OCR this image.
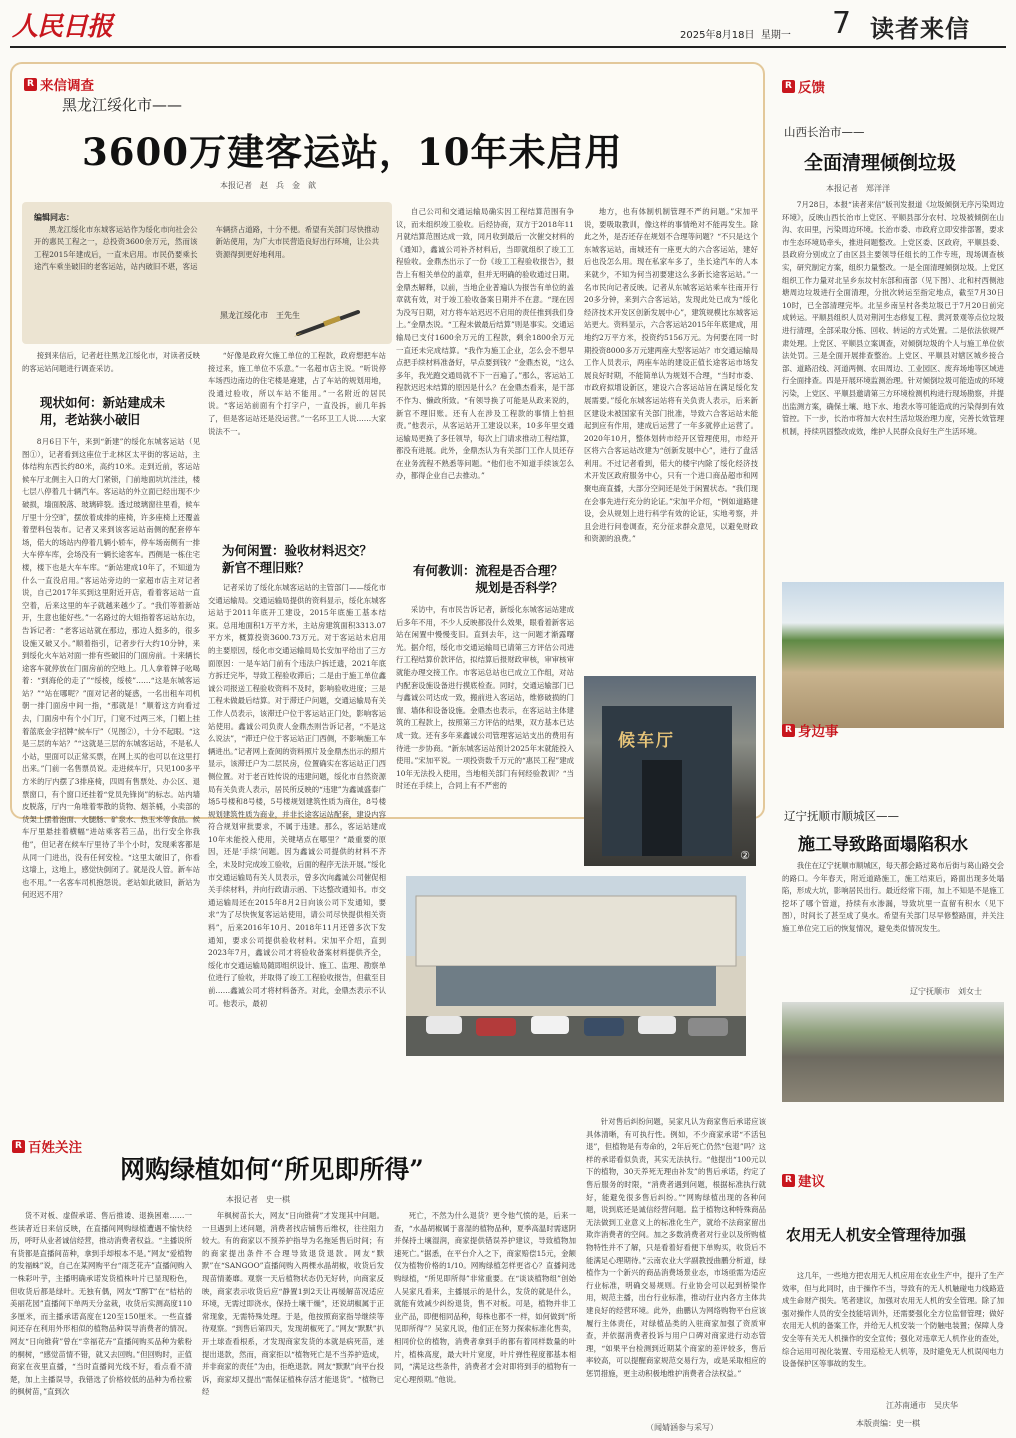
人民日报	2025年8月18日 星期一 7 读者来信
R 来信调查
黑龙江绥化市——
3600万建客运站，10年未启用
本报记者　赵　兵　金　歆
编辑同志：
黑龙江绥化市东城客运站作为绥化市向社会公开的惠民工程之一，总投资3600余万元，然而该工程2015年建成后，一直未启用。市民仍要乘长途汽车乘坐破旧的老客运站，站内破旧不堪，客运车辆挤占道路，十分不便。希望有关部门尽快推动新站使用，为广大市民营造良好出行环境，让公共资源得到更好地利用。
黑龙江绥化市　王先生
接到来信后，记者赶往黑龙江绥化市，对读者反映的客运站问题进行调查采访。
现状如何：新站建成未用，老站狭小破旧
8月6日下午，来到“新建”的绥化东城客运站（见图①），记者看到这座位于北林区太平街的客运站，主体结构东西长约80米，高约10米。走到近前，客运站候车厅北侧主入口的大门紧锁，门前地面坑坑洼洼，楼七层八停着几十辆汽车。客运站的外立面已经出现不少破损，墙面脱落、玻璃碎裂。透过玻璃窗往里看，候车厅里十分空旷，摆放着成排的座椅，许多座椅上还覆盖着塑料包装布。记者又来到该客运站南侧的配套停车场，偌大的场站内停着几辆小轿车，停车场南侧有一排大车停车库，会场没有一辆长途客车。西侧是一栋住宅楼，楼下也是大车车库。“新站建成10年了，不知道为什么一直没启用。”客运站旁边的一家超市店主对记者说，自己2017年买到这里附近开店，看着客运站一直空着，后来这里的车子就越来越少了。“我们等着新站开，生意也能好些。”一名路过的大姐指着客运站东边，告诉记者：“老客运站就在那边，那边人挺多的，很多设施又破又小。”顺着指引，记者步行大约10分钟，来到绥化火车站对面一排有些破旧的门面房前。十来辆长途客车就停放在门面房前的空地上。几人拿着牌子吆喝着：“到海伦的走了”“绥棱，绥棱”……“这是东城客运站？”“站在哪呢？”面对记者的疑惑，一名出租车司机朝一排门面房中间一指，“那就是！”顺着这方向看过去，门面房中有个小门厅，门宽不过两三米，门楣上挂着蓝底金字招牌“候车厅”（见图②），十分不起眼。“这是三层的车站？”“这就是三层的东城客运站，不是私人小站，里面可以正常买票，在网上买的也可以在这里打出来。”门前一名售票员说。走进候车厅，只见100多平方米的厅内摆了3排座椅，四周有售票处、办公区、退票窗口，有个窗口还挂着“党员先锋岗”的标志。站内墙皮脱落，厅内一角堆着零散的货物、烟茶桶，小卖部的货架上摆着泡面、火腿肠、矿泉水、热玉米等食品。候车厅里悬挂着横幅“进站乘客若三品，出行安全你我他”，但记者在候车厅里待了半个小时，发现乘客都是从同一门进出，没有任何安检。“这里太破旧了，你看这墙上，这地上，感觉快倒闭了。就是没人管。新车站也不用。”一名客车司机抱怨说。老站如此破旧，新站为何迟迟不用？
“好像是政府欠施工单位的工程款，政府想把车站接过来，施工单位不乐意。”一名超市店主说。“听说停车场西边南边的住宅楼是違建，占了车站的规划用地，没通过验收，所以车站不能用。”一名附近的居民说。“客运站前面有个打字户，一直没拆，前几年拆了，但是客运站还是没运营。”一名环卫工人说……大家说法不一。
为何闲置：验收材料迟交？新官不理旧账？
记者采访了绥化东城客运站的主管部门——绥化市交通运输局。交通运输局提供的资料显示，绥化东城客运站于2011年底开工建设，2015年底施工基本结束。总用地面积1万平方米，主站房建筑面积3313.07平方米，概算投资3600.73万元。对于客运站未启用的主要原因，绥化市交通运输局局长安加平给出了三方面原因：一是车站门前有个违法户拆迁遗，2021年底方拆迁完毕，导致工程验收滞后；二是由于施工单位鑫诚公司报送工程验收资料不及时，影响验收进度；三是工程未做最后结算。对于滞迁户问题，交通运输局有关工作人员表示，该滞迁户位于客运站正门处，影响客运站使用。鑫诚公司负责人金鼎杰则告诉记者，“不是这么说法”，“滞迁户位于客运站正门西侧，不影响施工车辆进出。”记者网上查阅的资料照片及金鼎杰出示的照片显示，该滞迁户为二层民房，位置确实在客运站正门西侧位置。对于老百姓传说的违建问题，绥化市自然资源局有关负责人表示，居民所反映的“违建”为鑫诚盛泰广场5号楼和8号楼，5号楼规划建筑性质为商住，8号楼规划建筑性质为商业，并非长途客运站配套，建设内容符合规划审批要求，不属于违建。那么，客运站建成10年未能投入使用，关键堵点在哪里？“最重要的原因，还是‘手续’问题。因为鑫诚公司提供的材料不齐全，未及时完成竣工验收，后面的程序无法开展。”绥化市交通运输局有关人员表示，曾多次向鑫诚公司催促相关手续材料，并向行政请示函、下达整改通知书。市交通运输局还在2015年8月2日向该公司下发通知，要求“为了尽快恢复客运站使用，请公司尽快提供相关资料”，后来2016年10月、2018年11月还曾多次下发通知，要求公司提供验收材料。宋加平介绍，直到2023年7月，鑫诚公司才将验收备案材料提供齐全，绥化市交通运输局随即组织设计、施工、监理、勘察单位进行了验收，并取得了竣工工程验收报告，但截至目前……鑫诚公司才将材料备齐。对此，金鼎杰表示不认可。他表示，最初
自己公司和交通运输局确实因工程结算范围有争议，而未组织竣工验收。后经协商，双方于2018年11月就结算范围达成一致，同月收到最后一次催交材料的《通知》，鑫诚公司补齐材料后，当即就组织了竣工工程验收。金鼎杰出示了一份《竣工工程验收报告》，报告上有相关单位的盖章，但并无明确的验收通过日期。金鼎杰解释，以前，当地企业普遍认为报告有单位的盖章就有效，对于竣工验收备案日期并不在意。“现在因为没写日期，对方将车站迟迟不启用的责任推到我们身上。”金鼎杰说。“工程未做最后结算”则是事实。交通运输局已支付1600余万元的工程款，剩余1800余万元一直还未完成结算。“我作为施工企业，怎么会不想早点把手续材料准备好，早点要到钱？”金鼎杰说，“这么多年，我光跑交通局就不下一百遍了。”那么，客运站工程款迟迟未结算的原因是什么？在金鼎杰看来，是干部不作为、懒政所致。“有领导换了可能是从政来说的，新官不理旧账。还有人在涉及工程款的事情上怕担责。”他表示，从客运站开工建设以来，10多年里交通运输局更换了多任领导，每次上门请求推动工程结算，都没有进展。此外，金鼎杰认为有关部门工作人员还存在业务流程不熟悉等问题。“他们也不知道手续该怎么办，都得企业自己去推动。”
有何教训：流程是否合理？规划是否科学？
采访中，有市民告诉记者，新绥化东城客运站建成后多年不用，不少人反映都没什么效果，眼看着新客运站在闲置中慢慢变旧。直到去年，这一问题才渐露曙光。据介绍，绥化市交通运输局已请第三方评估公司进行工程结算价款评估，拟结算后报财政审核，审审核审就能办理交接工作。市客运总站也已成立工作组，对站内配套设施设备进行摸底检查。同时，交通运输部门已与鑫诚公司达成一致，搬前进入客运站，维修破损的门窗、墙体和设备设施。金鼎杰也表示，在客运站主体建筑的工程款上，按照第三方评估的结果，双方基本已达成一致。还有多年来鑫诚公司管理客运站支出的费用有待进一步协商。“新东城客运站预计2025年末就能投入使用。”宋加平说。一项投资数千万元的“惠民工程”建成10年无法投入使用，当地相关部门有何经验教训？“当时还在手续上，合同上有不严密的
地方，也有体制机制管理不严的问题。”宋加平说，要吸取教训，像这样的事情绝对不能再发生。除此之外，是否还存在规划不合理等问题？“不只是这个东城客运站，南城还有一座更大的六合客运站，建好后也没怎么用。现在私家车多了，坐长途汽车的人本来就少，不知为何当初要建这么多新长途客运站。”一名市民向记者反映。记者从东城客运站乘车往南开行20多分钟，来到六合客运站，发现此处已成为“绥化经济技术开发区创新发展中心”，建筑规模比东城客运站更大。资料显示，六合客运站2015年年底建成，用地约2万平方米，投资约5156万元。为何要在同一时期投资8000多万元建两座大型客运站？市交通运输局工作人员表示，两座车站的建设正值长途客运市场发展良好时期，不能简单认为规划不合理，“当时市委、市政府拟增设新区，建设六合客运站旨在满足绥化发展需要。”绥化东城客运站将有关负责人表示，后来新区建设未被国家有关部门批准，导致六合客运站未能起到应有作用，建成后运营了一年多就停止运营了。2020年10月，整体划转市经开区管理使用，市经开区将六合客运站改建为“创新发展中心”，进行了盘活利用。不过记者看到，偌大的楼宇内除了绥化经济技术开发区政府服务中心，只有一个进口商品超市和网聚电商直播，大部分空间还是处于闲置状态。“我们现在会事先进行充分的论证。”宋加平介绍，“例如道路建设，会从规划上进行科学有效的论证，实地考察，并且会进行问卷调查，充分征求群众意见，以避免财政和资源的浪费。”
候车厅
②
R 反馈
山西长治市——
全面清理倾倒垃圾
本报记者　郑洋洋
7月28日，本报“读者来信”版刊发报道《垃圾倾倒无序污染周边环境》，反映山西长治市上党区、平顺县部分农村、垃圾被倾倒在山沟、农田里，污染周边环境。长治市委、市政府立即安排部署，要求市生态环境局牵头，推进问题整改。上党区委、区政府，平顺县委、县政府分别成立了由区县主要领导任组长的工作专班，现场调查核实，研究制定方案，组织力量整改。一是全面清理倾倒垃圾。上党区组织工作力量对北呈乡东坟村东部和南部（见下图）、北和村西侧池塘周边垃圾进行全面清理，分批次转运至指定地点，截至7月30日10时，已全部清理完毕。北呈乡南呈村各类垃圾已于7月20日前完成转运。平顺县组织人员对荆河生态修复工程、黄河景观等点位垃圾进行清理，全部采取分拣、回收、转运的方式处置。二是依法依规严肃处理。上党区、平顺县立案调查，对倾倒垃圾的个人与施工单位依法处罚。三是全面开展排查整治。上党区、平顺县对辖区城乡接合部、道路沿线、河道两侧、农田周边、工业园区、废弃场地等区域进行全面排查。四是开展环境监测治理。针对倾倒垃圾可能造成的环境污染，上党区、平顺县邀请第三方环境检测机构进行现场勘察，并提出监测方案，确保土壤、地下水、地表水等可能造成的污染得到有效管控。下一步，长治市将加大农村生活垃圾治理力度，完善长效管理机制，持续巩固整改成效，维护人民群众良好生产生活环境。
R 身边事
辽宁抚顺市顺城区——
施工导致路面塌陷积水
我住在辽宁抚顺市顺城区，每天都会路过葛布后街与葛山路交会的路口。今年春天，附近道路施工，施工结束后，路面出现多处塌陷，形成大坑，影响居民出行。最近经常下雨，加上不知是不是施工挖坏了哪个管道，持续有水渗漏，导致坑里一直留有积水（见下图），时间长了甚至成了臭水。希望有关部门尽早修整路面，并关注施工单位完工后的恢复情况，避免类似情况发生。
辽宁抚顺市　刘女士
R 建议
农用无人机安全管理待加强
这几年，一些地方把农用无人机应用在农业生产中，提升了生产效率，但与此同时，由于操作不当，导致有的无人机触碰电力线路造成生命财产损失。笔者建议，加强对农用无人机的安全管理。除了加强对操作人员的安全技能培训外，还需要强化全方位监督管理；做好农用无人机的备案工作，并给无人机安装一个防触电装置；保障人身安全等有关无人机操作的安全宣传；强化对违章无人机作业的查处，综合运用可视化装置、专用巡检无人机等，及时避免无人机误闯电力设备保护区等事故的发生。
江苏南通市　吴庆华
本版责编：史一棋
R 百姓关注
网购绿植如何“所见即所得”
本报记者　史一棋
货不对板、虚假承诺、售后推诿、退换困难……一些读者近日来信反映，在直播间网购绿植遭遇不愉快经历，呼吁从业者诚信经营，推动消费者权益。“主播说所有货都是直播间苗种，拿到手却根本不是。”网友“爱植物的发福蛛”说，自己在某网购平台“雨芝花卉”直播间购入一株彩叶芋，主播明确承诺发货植株叶片已显现粉色，但收货后都是绿叶。无独有偶，网友“T醉T”在“桔枯的美丽花园”直播间下单两天分盆栽，收货后实测高度110多厘米，而主播承诺高度在120至150厘米。一些直播间还存在利用外形相似的植物品种误导消费者的情况。网友“日向锥荷”曾在“幸福花卉”直播间购买品种为紫粉的桐树，“感觉苗情不错，就又去回购。”但回购时，正值商家在夜里直播，“当时直播间光线不好，看点看不清楚，加上主播误导，我错选了价格较低的品种为希拉紫的枫树苗，”直到次
年枫树苗长大，网友“日向锥荷”才发现其中问题。一旦遇到上述问题，消费者找店铺售后维权，往往阻力较大。有的商家以不预养护指导为名拖延售后时间；有的商家提出条件不合理导致退货退款。网友“默默”在“SANGOO”直播间购入两棵水晶胡椒，收货后发现苗情萎靡。观察一天后植物状态仍无好转，向商家反映，商家表示收货后应“静置1到2天让再缓解苗况适应环境，无需过即浇水，保持土壤干燥”，还说胡椒属于正常现象，无需特殊处理。于是，他按照商家指导继续等待观察。“到售后第四天，发现胡椒死了。”网友“默默”扒开土球查看根系，才发现商家发货的本就是病死苗，迷提出退款，然而，商家拒以“植物死亡是不当养护造成，并非商家的责任”为由，拒绝退款。网友“默默”向平台投诉，商家却又提出“需保证植株存活才能退货”。“植物已经
死亡，不然为什么退货？更令他气愤的是，后来一查，“水晶胡椒属于喜湿的植物品种，夏季高温时需遮阴并保持土壤湿润，商家提供错误养护建议，导致植物加速死亡。”据悉，在平台介入之下，商家赔偿15元，金额仅为植物价格的1/10。网购绿植怎样更省心？直播间选购绿植，“所见即所得”非常重要。在“谈谈植物组”创始人吴家凡看来，主播展示的是什么，发货的就是什么，就能有效减少纠纷退货，售不对板。可是，植物并非工业产品，即便相同品种，每株也都不一样，如何做到“所见即所得”？吴家凡说，他们正在努力探索标准化售卖，相同价位的植物，消费者拿到手的都有着同样数量的叶片，植株高度，最大叶片宽度，叶片弹性程度都基本相同，“满足这些条件，消费者才会对即将到手的植物有一定心理预期。”他说。
针对售后纠纷问题，吴家凡认为商家售后承诺应该具体清晰，有可执行性。例如，不少商家承诺“不活包退”，但植物是有寿命的，2年后死亡仍然“包退”吗？这样的承诺看似负责，其实无法执行。“他提出“100元以下的植物，30天养死无理由补发”的售后承诺，约定了售后服务的时限，“消费者遇到问题，根据标准执行就好，能避免很多售后纠纷。”“网购绿植出现的各种问题，说到底还是诚信经营问题。监于植物这种特殊商品无法做到工业意义上的标准化生产，就给不法商家留出欺诈消费者的空间。加之多数消费者对行业以及所购植物特性并不了解，只是看着好看便下单购买，收货后不能满足心理期待。”云南农业大学副教授曲鹏分析道，绿植作为一个新兴的商品消费场景业态，市场亟需为适应行业标准，明确交易规则。行业协会可以起到桥梁作用，规范主播，出台行业标准，推动行业内各方主体共建良好的经营环境。此外，曲鹏认为网络购物平台应该履行主体责任，对绿植品类的入驻商家加强了资质审查，并依据消费者投诉与用户口碑对商家进行动态管理，“如果平台检测到近期某个商家的差评较多，售后率较高，可以提醒商家规范交易行为，或是采取相应的惩罚措施，更主动积极地维护消费者合法权益。”
（闻婧涵参与采写）
